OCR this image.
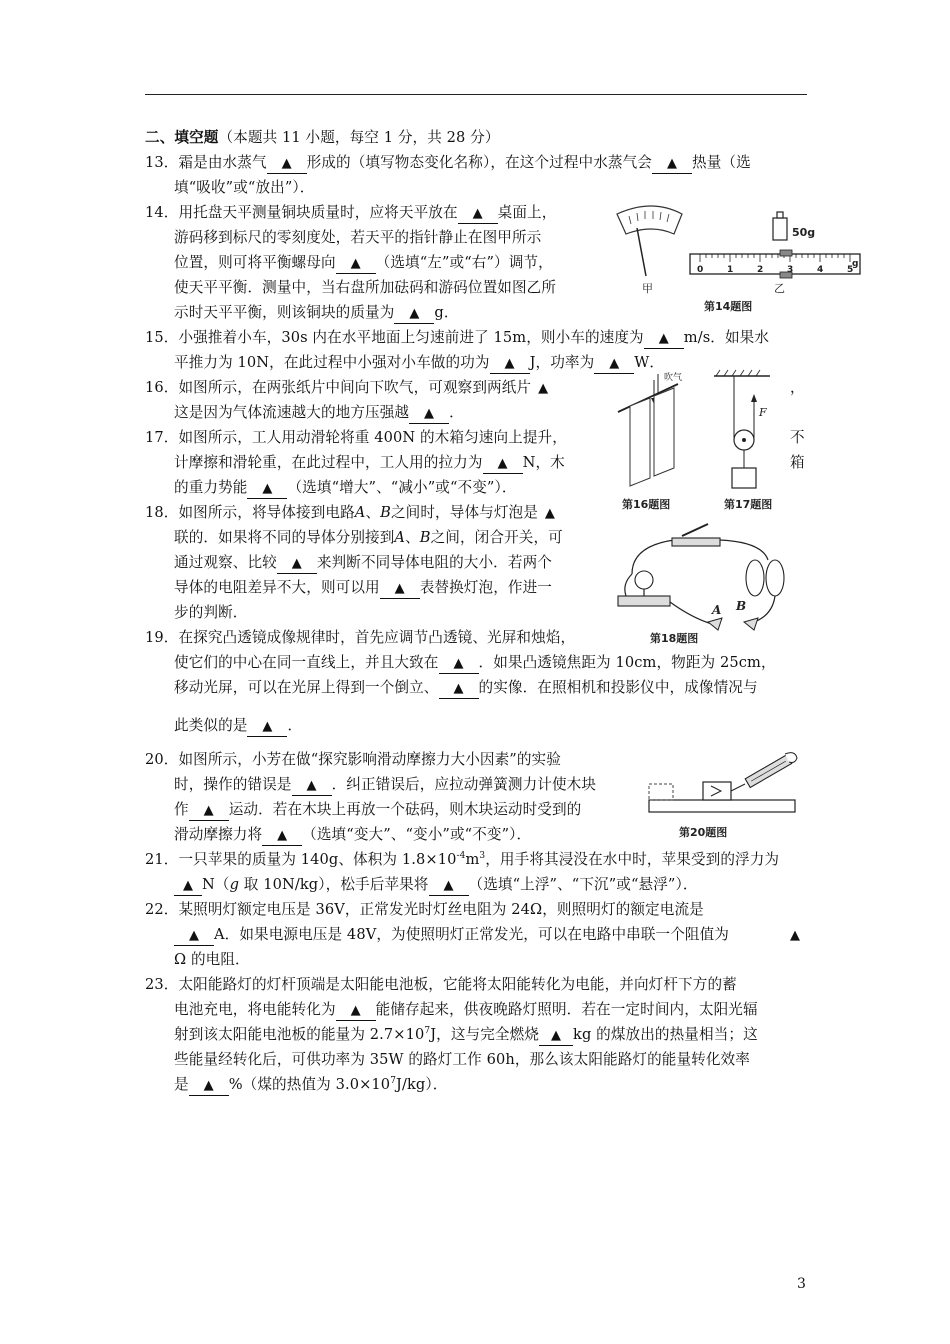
二、填空题（本题共 11 小题，每空 1 分，共 28 分）
13．霜是由水蒸气 ▲ 形成的（填写物态变化名称），在这个过程中水蒸气会 ▲ 热量（选
填“吸收”或“放出”）．
14．用托盘天平测量铜块质量时，应将天平放在 ▲ 桌面上，
游码移到标尺的零刻度处，若天平的指针静止在图甲所示
位置，则可将平衡螺母向 ▲ （选填“左”或“右”）调节，
使天平平衡．测量中，当右盘所加砝码和游码位置如图乙所
示时天平平衡，则该铜块的质量为 ▲ g．
甲
50g
0	1	2	3	4	5
g
乙
第14题图
15．小强推着小车，30s 内在水平地面上匀速前进了 15m，则小车的速度为 ▲ m/s．如果水
平推力为 10N，在此过程中小强对小车做的功为 ▲ J，功率为 ▲ W．
16．如图所示，在两张纸片中间向下吹气，可观察到两纸片 ▲	，
这是因为气体流速越大的地方压强越 ▲ ．
吹气
第16题图
F
第17题图
17．如图所示，工人用动滑轮将重 400N 的木箱匀速向上提升，	不
计摩擦和滑轮重，在此过程中，工人用的拉力为 ▲ N，木	箱
的重力势能 ▲ （选填“增大”、“减小”或“不变”）．
18．如图所示，将导体接到电路A、B之间时，导体与灯泡是 ▲
联的．如果将不同的导体分别接到A、B之间，闭合开关，可
通过观察、比较 ▲ 来判断不同导体电阻的大小．若两个
导体的电阻差异不大，则可以用 ▲ 表替换灯泡，作进一
步的判断．	A B
第18题图
19．在探究凸透镜成像规律时，首先应调节凸透镜、光屏和烛焰，
使它们的中心在同一直线上，并且大致在 ▲ ．如果凸透镜焦距为 10cm，物距为 25cm，
移动光屏，可以在光屏上得到一个倒立、 ▲ 的实像．在照相机和投影仪中，成像情况与
此类似的是 ▲ ．
20．如图所示，小芳在做“探究影响滑动摩擦力大小因素”的实验
时，操作的错误是 ▲ ．纠正错误后，应拉动弹簧测力计使木块
作 ▲ 运动．若在木块上再放一个砝码，则木块运动时受到的
滑动摩擦力将 ▲ （选填“变大”、“变小”或“不变”）．	第20题图
21．一只苹果的质量为 140g、体积为 $1.8\times 10^{-4}m^3$，用手将其浸没在水中时，苹果受到的浮力为
▲ N（g 取 10N/kg），松手后苹果将 ▲ （选填“上浮”、“下沉”或“悬浮”）．
22．某照明灯额定电压是 36V，正常发光时灯丝电阻为 24Ω，则照明灯的额定电流是
▲ A．如果电源电压是 48V，为使照明灯正常发光，可以在电路中串联一个阻值为	▲
Ω 的电阻．
23．太阳能路灯的灯杆顶端是太阳能电池板，它能将太阳能转化为电能，并向灯杆下方的蓄
电池充电，将电能转化为 ▲ 能储存起来，供夜晚路灯照明．若在一定时间内，太阳光辐
射到该太阳能电池板的能量为 $2.7\times 10^7J$，这与完全燃烧 ▲ kg 的煤放出的热量相当；这
些能量经转化后，可供功率为 35W 的路灯工作 60h，那么该太阳能路灯的能量转化效率
是 ▲ %（煤的热值为 $3.0\times 10^7J/kg$）．
3
